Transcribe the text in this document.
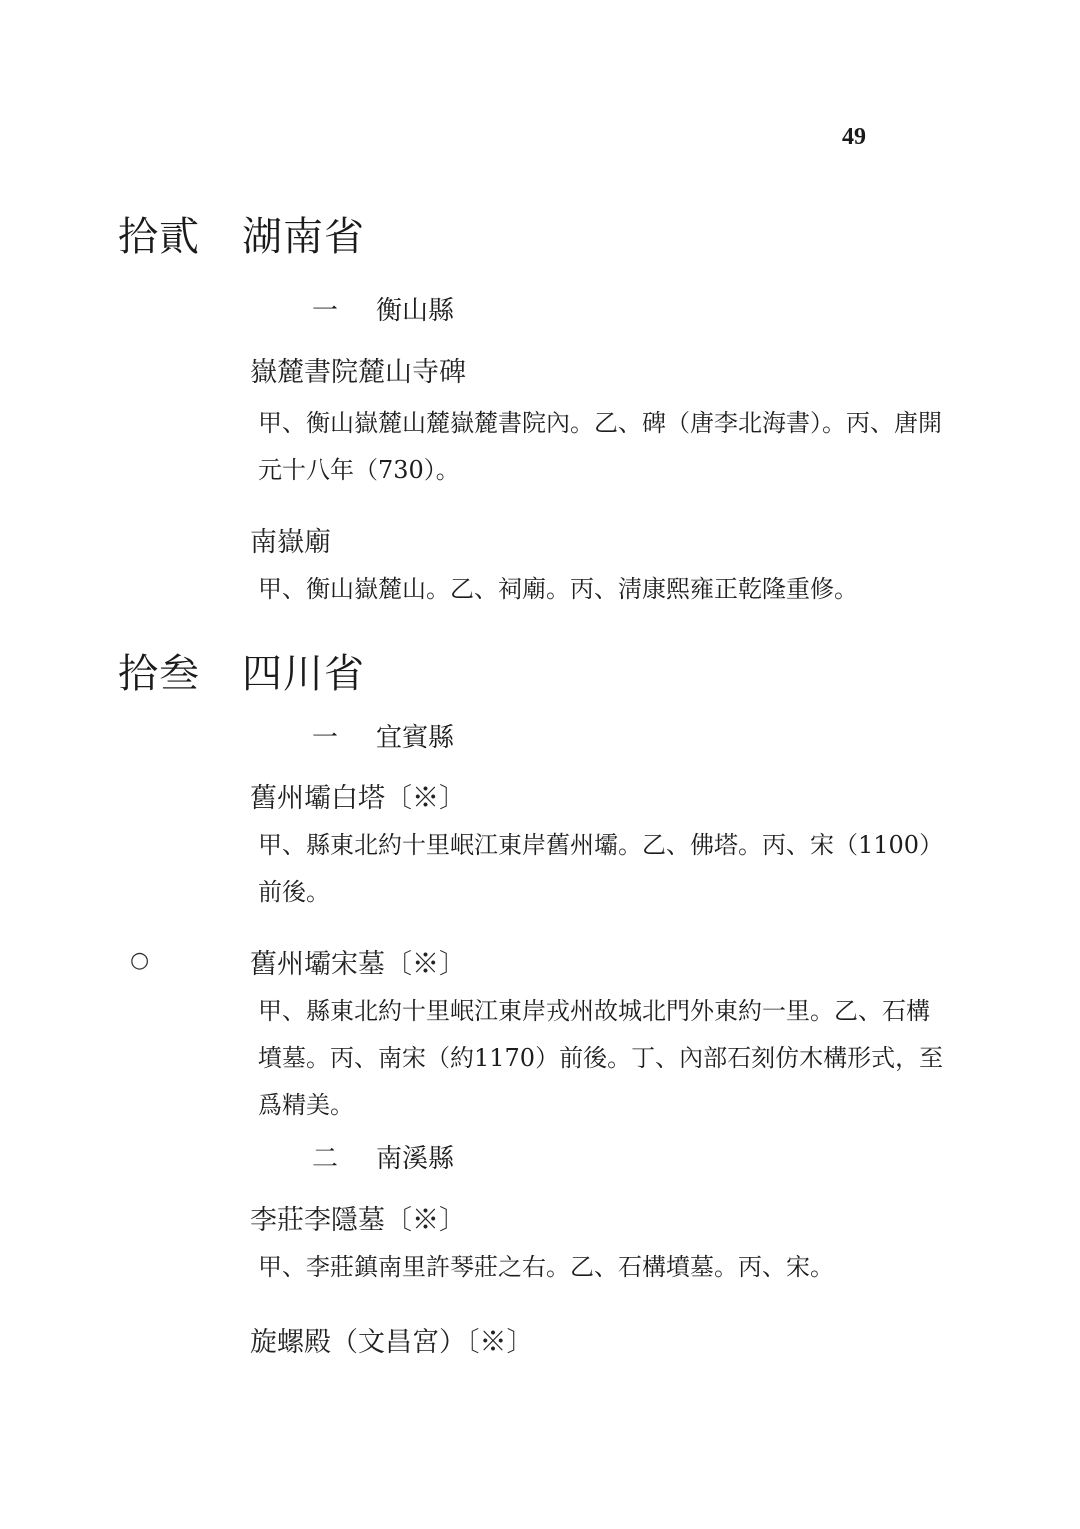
49
拾貳 湖南省
一 衡山縣
嶽麓書院麓山寺碑
甲、衡山嶽麓山麓嶽麓書院內。乙、碑（唐李北海書）。丙、唐開元十八年（730）。
南嶽廟
甲、衡山嶽麓山。乙、祠廟。丙、淸康熙雍正乾隆重修。
拾叁 四川省
一 宜賓縣
舊州壩白塔〔※〕
甲、縣東北約十里岷江東岸舊州壩。乙、佛塔。丙、宋（1100）前後。
○	舊州壩宋墓〔※〕
甲、縣東北約十里岷江東岸戎州故城北門外東約一里。乙、石構墳墓。丙、南宋（約1170）前後。丁、內部石刻仿木構形式，至爲精美。
二 南溪縣
李莊李隱墓〔※〕
甲、李莊鎮南里許琴莊之右。乙、石構墳墓。丙、宋。
旋螺殿（文昌宮）〔※〕
